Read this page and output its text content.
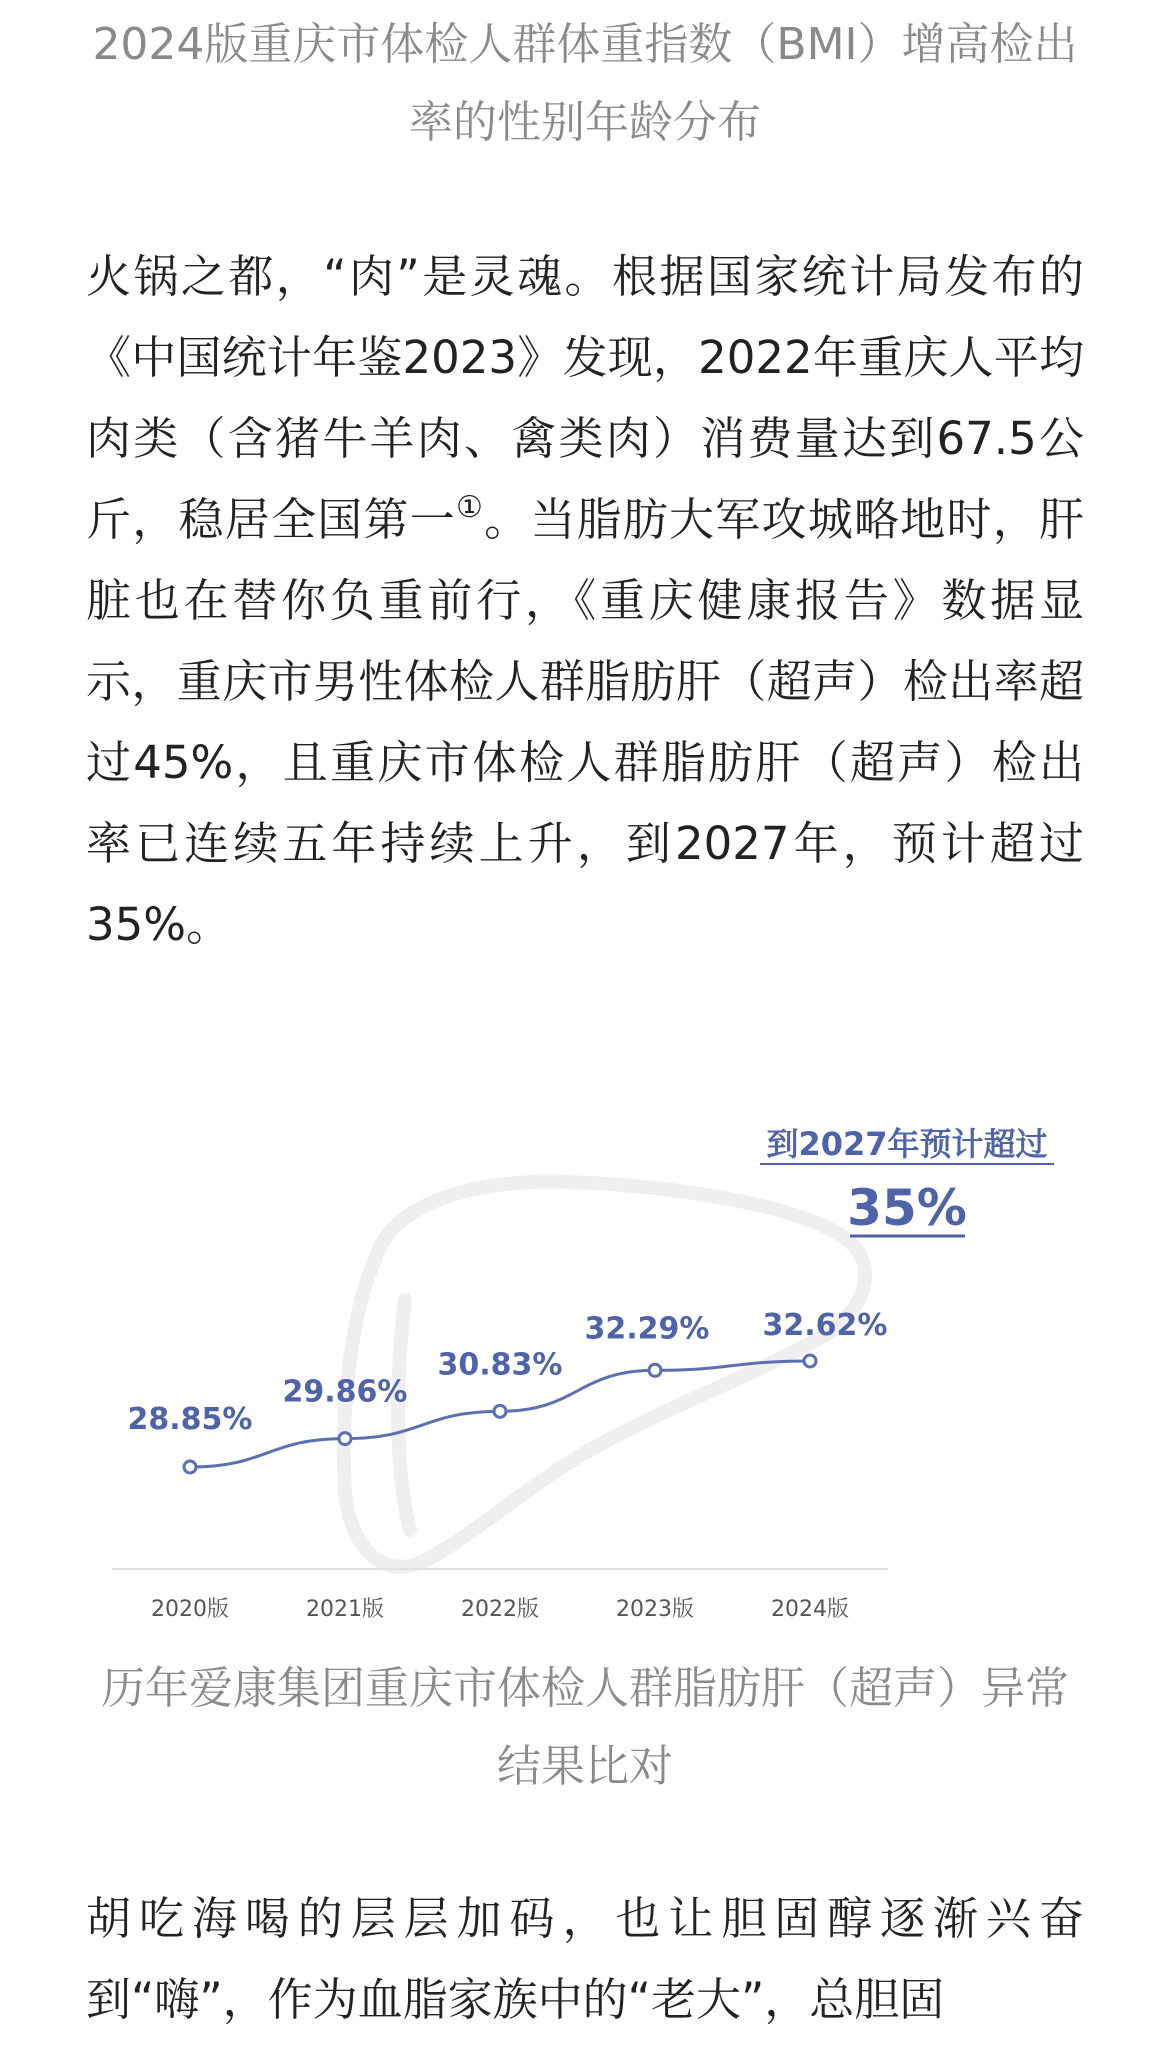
2024版重庆市体检人群体重指数（BMI）增高检出率的性别年龄分布
火锅之都，“肉”是灵魂。根据国家统计局发布的《中国统计年鉴2023》发现，2022年重庆人平均肉类（含猪牛羊肉、禽类肉）消费量达到67.5公斤，稳居全国第一①。当脂肪大军攻城略地时，肝脏也在替你负重前行，《重庆健康报告》数据显示，重庆市男性体检人群脂肪肝（超声）检出率超过45%，且重庆市体检人群脂肪肝（超声）检出率已连续五年持续上升，到2027年，预计超过35%。
到2027年预计超过
35%
28.85%
2020版
29.86%
2021版
30.83%
2022版
32.29%
2023版
32.62%
2024版
历年爱康集团重庆市体检人群脂肪肝（超声）异常结果比对
胡吃海喝的层层加码，也让胆固醇逐渐兴奋到“嗨”，作为血脂家族中的“老大”，总胆固
